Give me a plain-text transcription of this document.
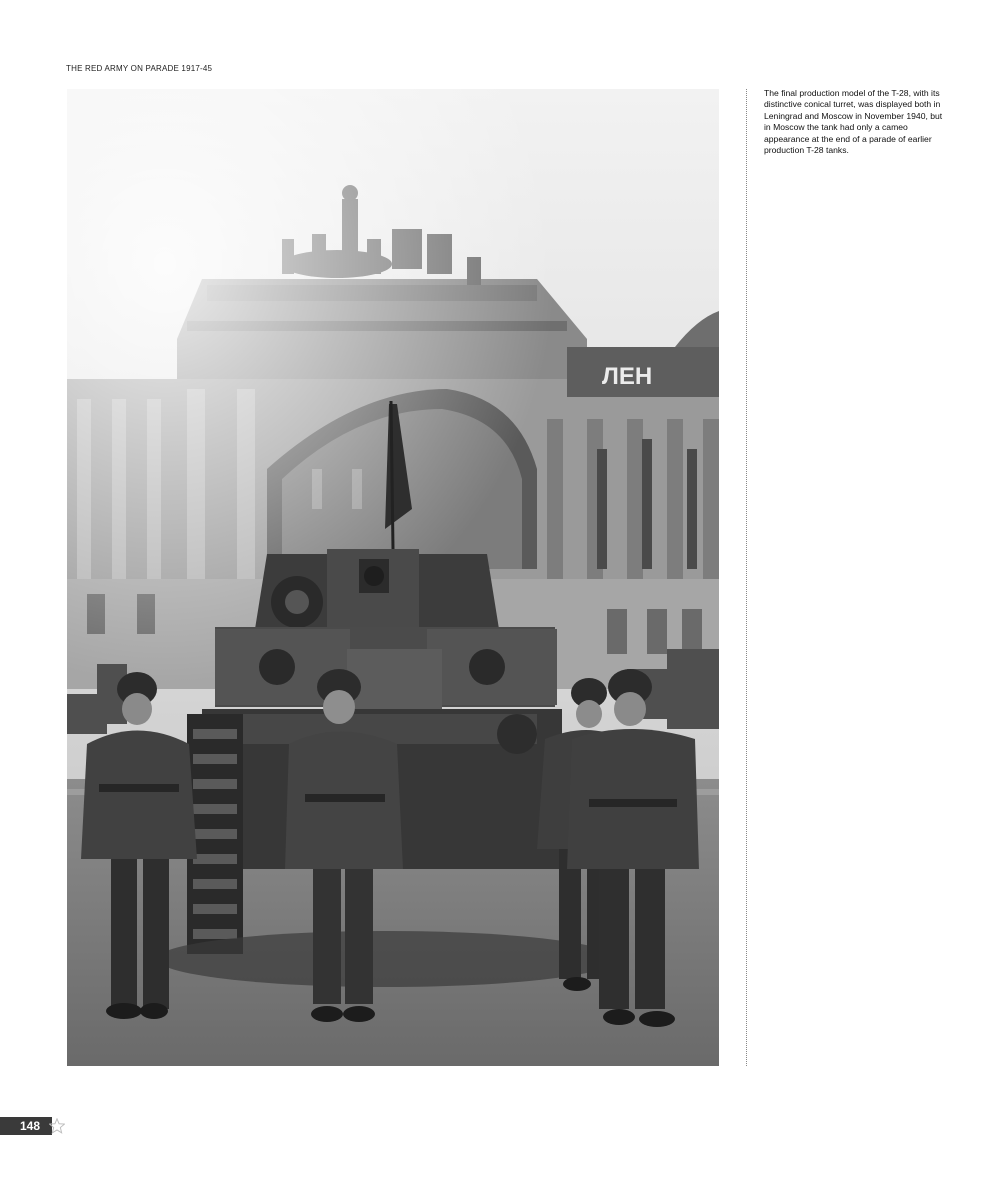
THE RED ARMY ON PARADE 1917-45
The final production model of the T-28, with its distinctive conical turret, was displayed both in Leningrad and Moscow in November 1940, but in Moscow the tank had only a cameo appearance at the end of a parade of earlier production T-28 tanks.
148
